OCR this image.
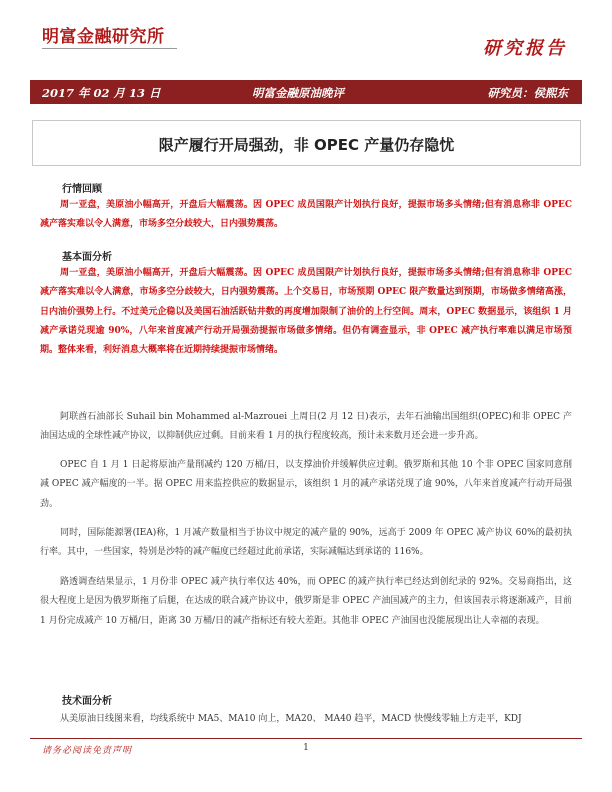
明富金融研究所
研究报告
2017 年 02 月 13 日	明富金融原油晚评	研究员：侯熙东
限产履行开局强劲，非 OPEC 产量仍存隐忧
行情回顾
周一亚盘，美原油小幅高开，开盘后大幅震荡。因 OPEC 成员国限产计划执行良好，提振市场多头情绪;但有消息称非 OPEC 减产落实难以令人满意，市场多空分歧较大，日内强势震荡。
基本面分析
周一亚盘，美原油小幅高开，开盘后大幅震荡。因 OPEC 成员国限产计划执行良好，提振市场多头情绪;但有消息称非 OPEC 减产落实难以令人满意，市场多空分歧较大，日内强势震荡。上个交易日，市场预期 OPEC 限产数量达到预期，市场做多情绪高涨，日内油价强势上行。不过美元企稳以及美国石油活跃钻井数的再度增加限制了油价的上行空间。周末，OPEC 数据显示，该组织 1 月减产承诺兑现逾 90%，八年来首度减产行动开局强劲提振市场做多情绪。但仍有调查显示，非 OPEC 减产执行率难以满足市场预期。整体来看，利好消息大概率将在近期持续提振市场情绪。
阿联酋石油部长 Suhail bin Mohammed al-Mazrouei 上周日(2 月 12 日)表示，去年石油输出国组织(OPEC)和非 OPEC 产油国达成的全球性减产协议，以抑制供应过剩。目前来看 1 月的执行程度较高，预计未来数月还会进一步升高。
OPEC 自 1 月 1 日起将原油产量削减约 120 万桶/日，以支撑油价并缓解供应过剩。俄罗斯和其他 10 个非 OPEC 国家同意削减 OPEC 减产幅度的一半。据 OPEC 用来监控供应的数据显示，该组织 1 月的减产承诺兑现了逾 90%，八年来首度减产行动开局强劲。
同时，国际能源署(IEA)称，1 月减产数量相当于协议中规定的减产量的 90%，远高于 2009 年 OPEC 减产协议 60%的最初执行率。其中，一些国家，特别是沙特的减产幅度已经超过此前承诺，实际减幅达到承诺的 116%。
路透调查结果显示，1 月份非 OPEC 减产执行率仅达 40%，而 OPEC 的减产执行率已经达到创纪录的 92%。交易商指出，这很大程度上是因为俄罗斯拖了后腿，在达成的联合减产协议中，俄罗斯是非 OPEC 产油国减产的主力，但该国表示将逐渐减产，目前 1 月份完成减产 10 万桶/日，距离 30 万桶/日的减产指标还有较大差距。其他非 OPEC 产油国也没能展现出让人幸福的表现。
技术面分析
从美原油日线图来看，均线系统中 MA5、MA10 向上，MA20、 MA40 趋平，MACD 快慢线零轴上方走平，KDJ
请务必阅读免责声明	1
